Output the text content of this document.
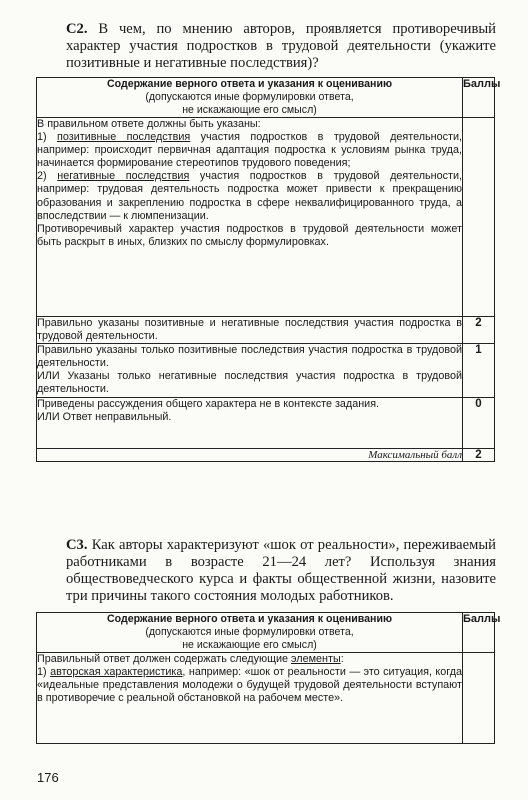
С2. В чем, по мнению авторов, проявляется противоречивый характер участия подростков в трудовой деятельности (укажите позитивные и негативные последствия)?
Содержание верного ответа и указания к оцениванию
(допускаются иные формулировки ответа,
не искажающие его смысл)	Баллы

В правильном ответе должны быть указаны:
1) позитивные последствия участия подростков в трудовой деятельности, например: происходит первичная адаптация подростка к условиям рынка труда, начинается формирование стереотипов трудового поведения;
2) негативные последствия участия подростков в трудовой деятельности, например: трудовая деятельность подростка может привести к прекращению образования и закреплению подростка в сфере неквалифицированного труда, а впоследствии — к люмпенизации.
Противоречивый характер участия подростков в трудовой деятельности может быть раскрыт в иных, близких по смыслу формулировках.	

Правильно указаны позитивные и негативные последствия участия подростка в трудовой деятельности.	2

Правильно указаны только позитивные последствия участия подростка в трудовой деятельности.
ИЛИ Указаны только негативные последствия участия подростка в трудовой деятельности.	1

Приведены рассуждения общего характера не в контексте задания.
ИЛИ Ответ неправильный.	0
Максимальный балл	2
С3. Как авторы характеризуют «шок от реальности», переживаемый работниками в возрасте 21—24 лет? Используя знания обществоведческого курса и факты общественной жизни, назовите три причины такого состояния молодых работников.
Содержание верного ответа и указания к оцениванию
(допускаются иные формулировки ответа,
не искажающие его смысл)	Баллы

Правильный ответ должен содержать следующие элементы:
1) авторская характеристика, например: «шок от реальности — это ситуация, когда «идеальные представления молодежи о будущей трудовой деятельности вступают в противоречие с реальной обстановкой на рабочем месте».	

176
